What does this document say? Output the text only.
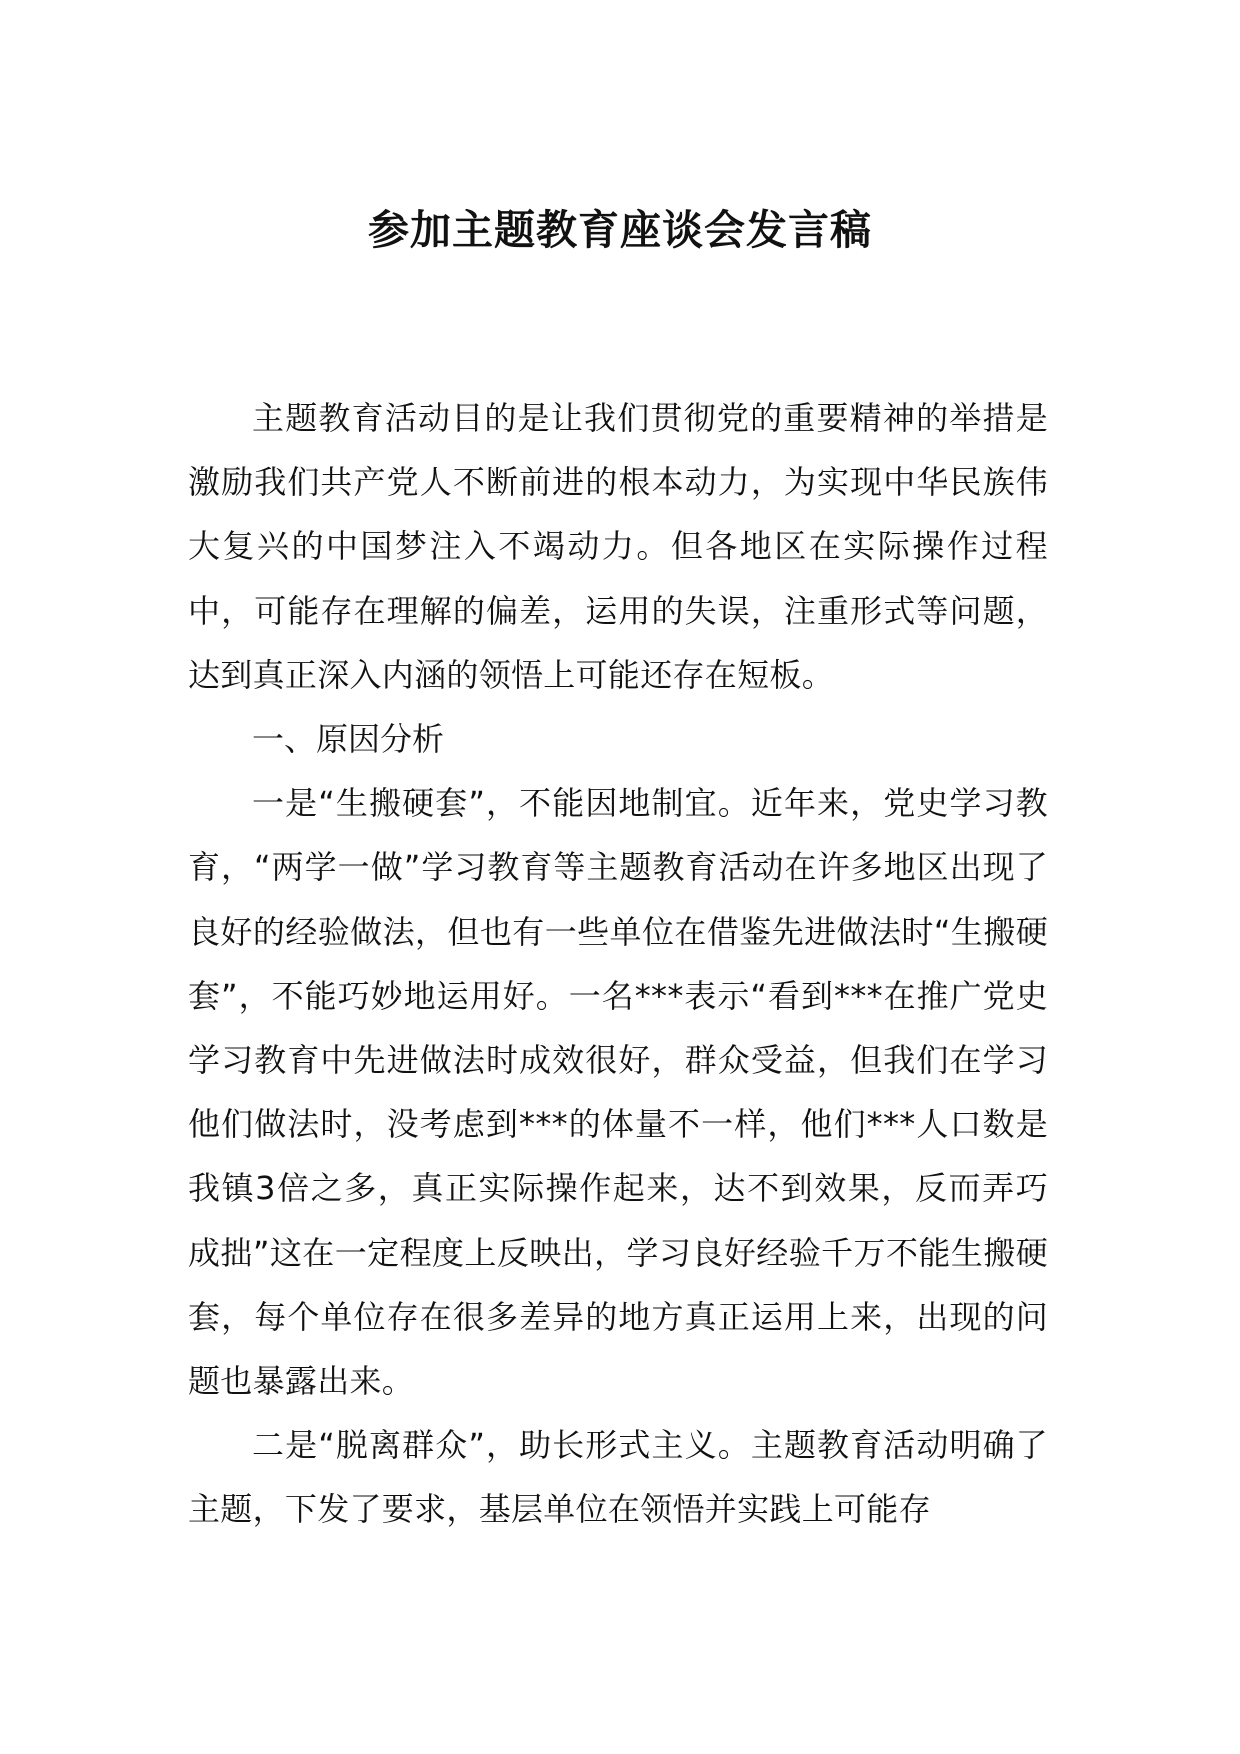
参加主题教育座谈会发言稿

主题教育活动目的是让我们贯彻党的重要精神的举措是激励我们共产党人不断前进的根本动力，为实现中华民族伟大复兴的中国梦注入不竭动力。但各地区在实际操作过程中，可能存在理解的偏差，运用的失误，注重形式等问题，达到真正深入内涵的领悟上可能还存在短板。

一、原因分析

一是“生搬硬套”，不能因地制宜。近年来，党史学习教育，“两学一做”学习教育等主题教育活动在许多地区出现了良好的经验做法，但也有一些单位在借鉴先进做法时“生搬硬套”，不能巧妙地运用好。一名***表示“看到***在推广党史学习教育中先进做法时成效很好，群众受益，但我们在学习他们做法时，没考虑到***的体量不一样，他们***人口数是我镇3倍之多，真正实际操作起来，达不到效果，反而弄巧成拙”这在一定程度上反映出，学习良好经验千万不能生搬硬套，每个单位存在很多差异的地方真正运用上来，出现的问题也暴露出来。

二是“脱离群众”，助长形式主义。主题教育活动明确了主题，下发了要求，基层单位在领悟并实践上可能存
